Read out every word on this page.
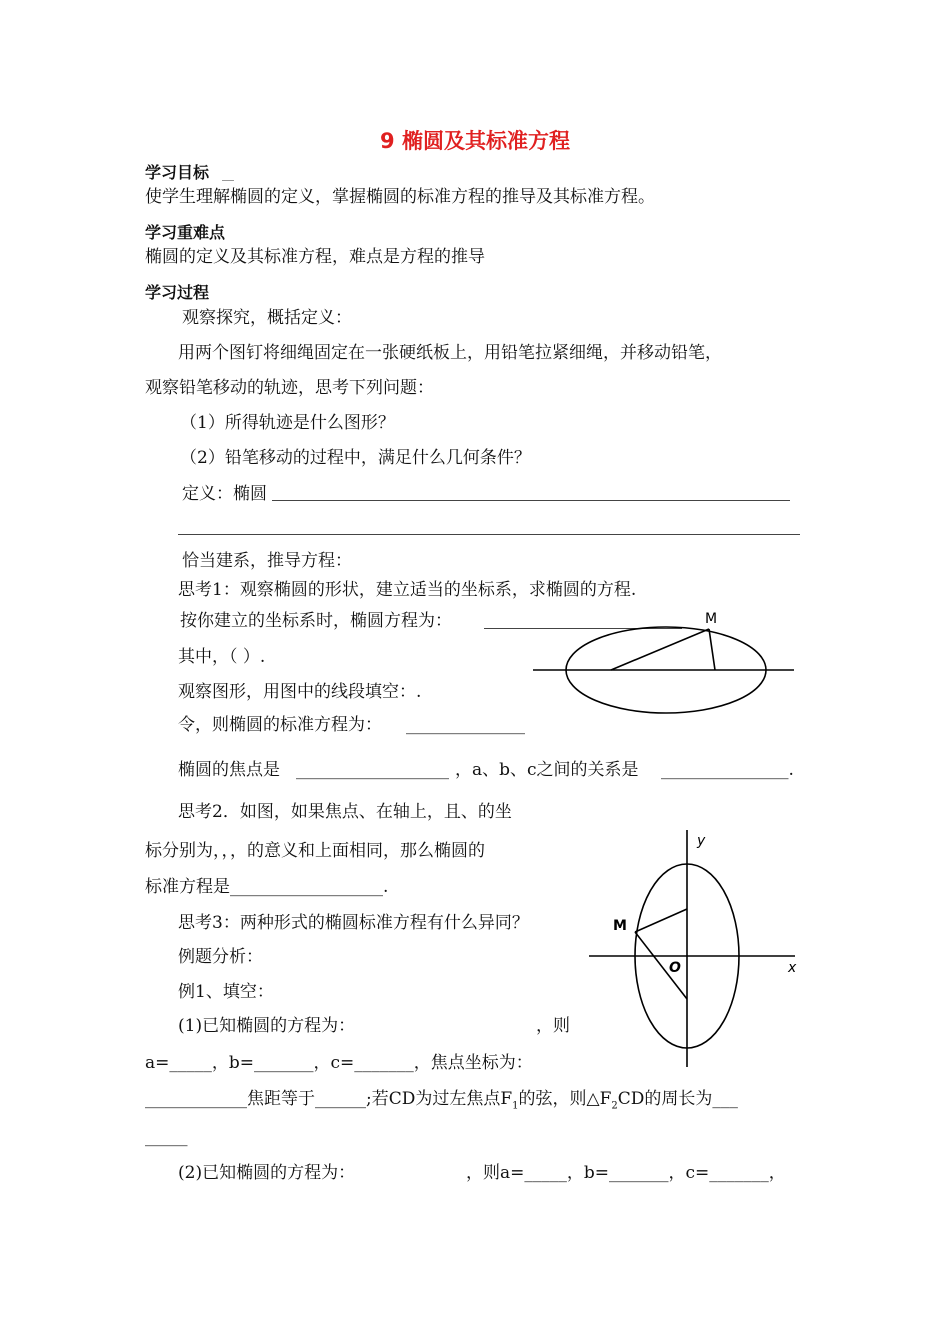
9 椭圆及其标准方程
学习目标
使学生理解椭圆的定义，掌握椭圆的标准方程的推导及其标准方程。
学习重难点
椭圆的定义及其标准方程，难点是方程的推导
学习过程
观察探究，概括定义：
用两个图钉将细绳固定在一张硬纸板上，用铅笔拉紧细绳，并移动铅笔，
观察铅笔移动的轨迹，思考下列问题：
（1）所得轨迹是什么图形？
（2）铅笔移动的过程中，满足什么几何条件？
定义：椭圆
恰当建系，推导方程：
思考1：观察椭圆的形状，建立适当的坐标系，求椭圆的方程.
按你建立的坐标系时，椭圆方程为：
其中，（ ）.
观察图形，用图中的线段填空：.
令，则椭圆的标准方程为： ______________
椭圆的焦点是 __________________ ，a、b、c之间的关系是 _______________.
思考2．如图，如果焦点、在轴上，且、的坐
标分别为，，，的意义和上面相同，那么椭圆的
标准方程是__________________.
思考3：两种形式的椭圆标准方程有什么异同？
例题分析：
例1、填空：
(1)已知椭圆的方程为：	，则
a=_____，b=_______，c=_______，焦点坐标为：
____________焦距等于______;若CD为过左焦点$F_1$的弦，则$\triangle F_2CD$的周长为___
_____
(2)已知椭圆的方程为：	，则a=_____，b=_______，c=_______，
M
y
x
M
O
